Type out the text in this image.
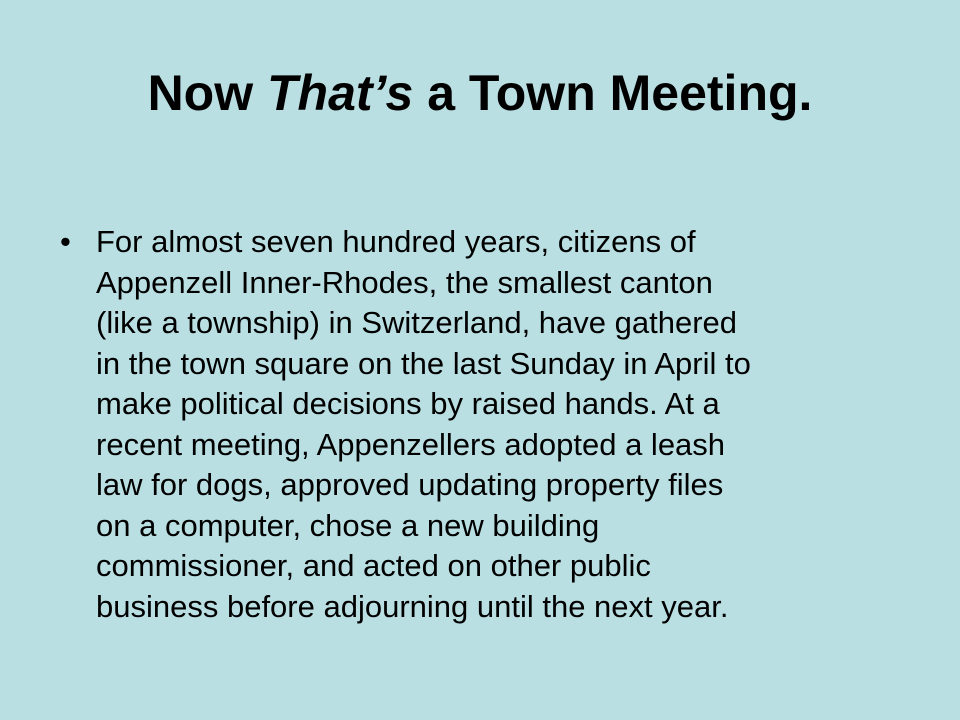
Now That’s a Town Meeting.
• For almost seven hundred years, citizens of
Appenzell Inner-Rhodes, the smallest canton
(like a township) in Switzerland, have gathered
in the town square on the last Sunday in April to
make political decisions by raised hands. At a
recent meeting, Appenzellers adopted a leash
law for dogs, approved updating property files
on a computer, chose a new building
commissioner, and acted on other public
business before adjourning until the next year.
